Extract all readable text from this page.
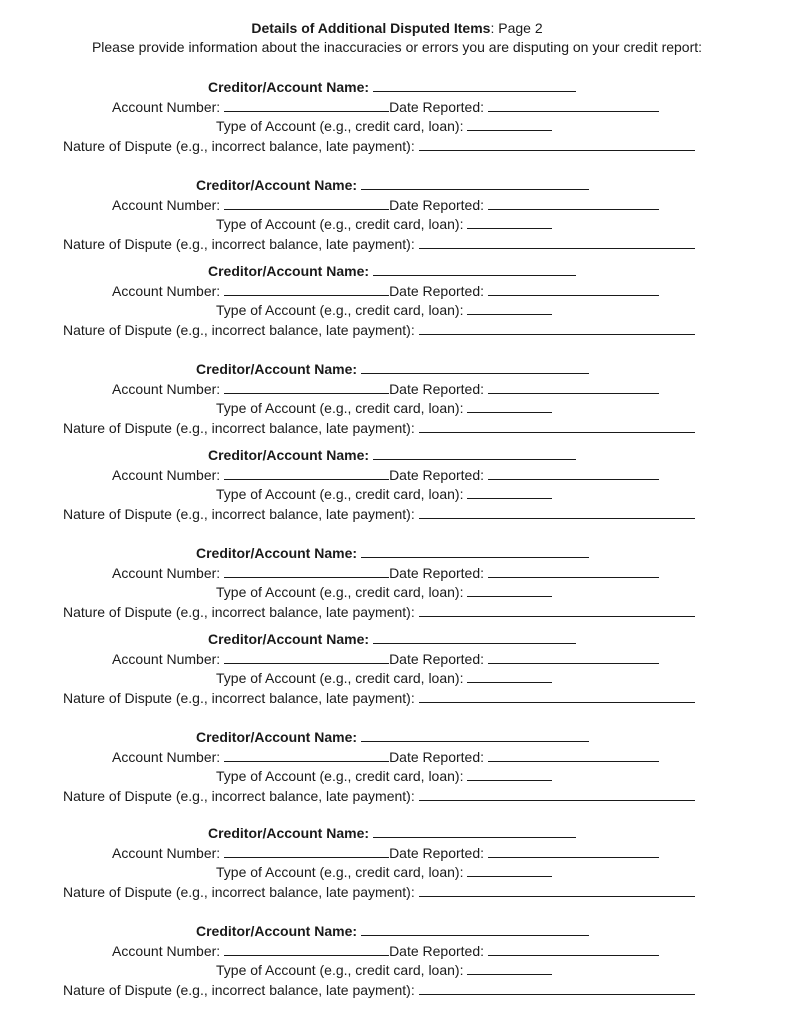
Details of Additional Disputed Items: Page 2
Please provide information about the inaccuracies or errors you are disputing on your credit report:
Creditor/Account Name:
Account Number:	Date Reported:
Type of Account (e.g., credit card, loan):
Nature of Dispute (e.g., incorrect balance, late payment):
Creditor/Account Name:
Account Number:	Date Reported:
Type of Account (e.g., credit card, loan):
Nature of Dispute (e.g., incorrect balance, late payment):
Creditor/Account Name:
Account Number:	Date Reported:
Type of Account (e.g., credit card, loan):
Nature of Dispute (e.g., incorrect balance, late payment):
Creditor/Account Name:
Account Number:	Date Reported:
Type of Account (e.g., credit card, loan):
Nature of Dispute (e.g., incorrect balance, late payment):
Creditor/Account Name:
Account Number:	Date Reported:
Type of Account (e.g., credit card, loan):
Nature of Dispute (e.g., incorrect balance, late payment):
Creditor/Account Name:
Account Number:	Date Reported:
Type of Account (e.g., credit card, loan):
Nature of Dispute (e.g., incorrect balance, late payment):
Creditor/Account Name:
Account Number:	Date Reported:
Type of Account (e.g., credit card, loan):
Nature of Dispute (e.g., incorrect balance, late payment):
Creditor/Account Name:
Account Number:	Date Reported:
Type of Account (e.g., credit card, loan):
Nature of Dispute (e.g., incorrect balance, late payment):
Creditor/Account Name:
Account Number:	Date Reported:
Type of Account (e.g., credit card, loan):
Nature of Dispute (e.g., incorrect balance, late payment):
Creditor/Account Name:
Account Number:	Date Reported:
Type of Account (e.g., credit card, loan):
Nature of Dispute (e.g., incorrect balance, late payment):
